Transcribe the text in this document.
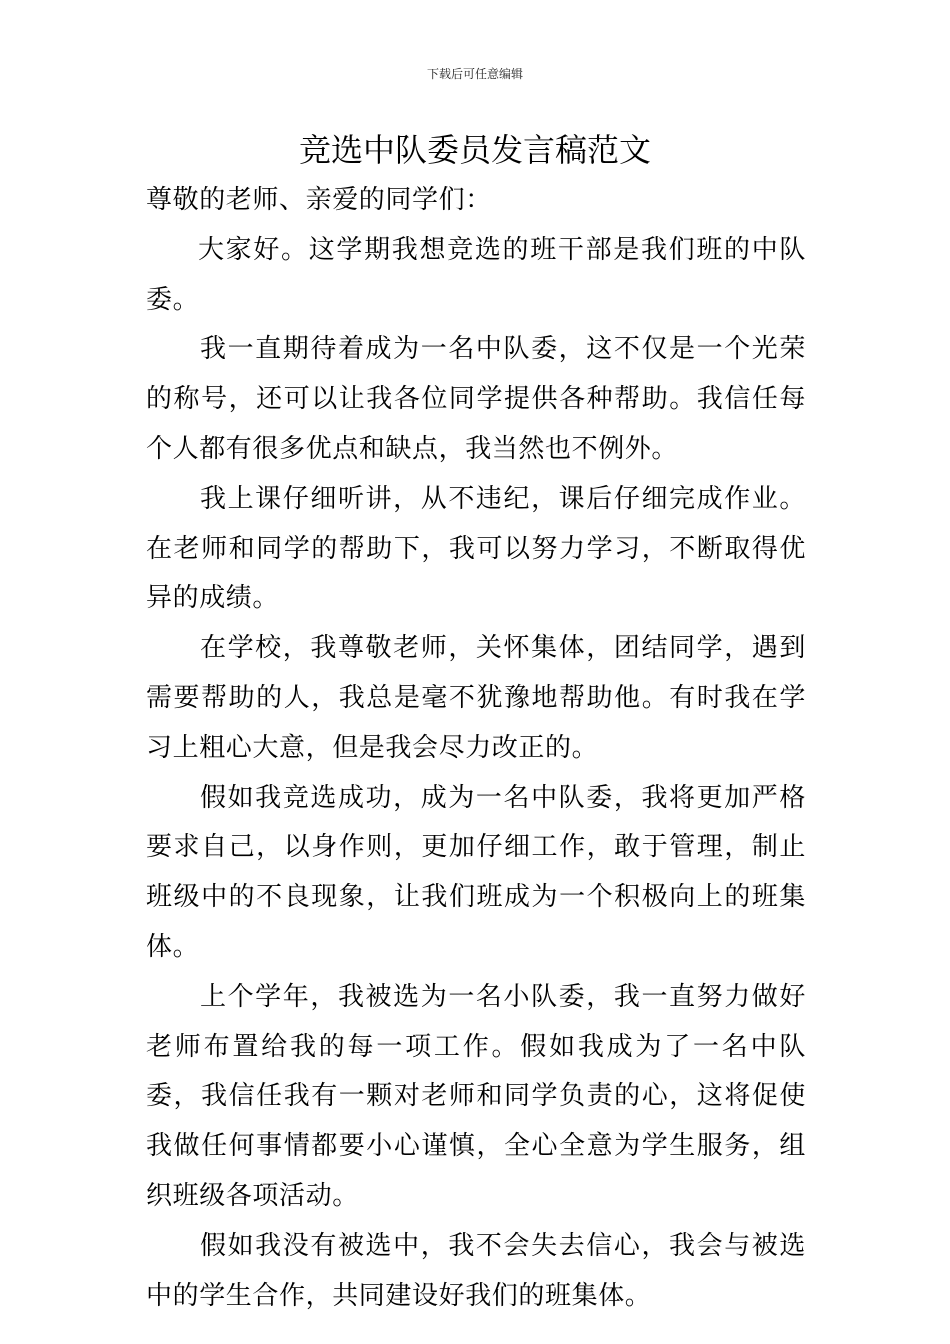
下载后可任意编辑
竞选中队委员发言稿范文

尊敬的老师、亲爱的同学们：

大家好。这学期我想竞选的班干部是我们班的中队委。

我一直期待着成为一名中队委，这不仅是一个光荣的称号，还可以让我各位同学提供各种帮助。我信任每个人都有很多优点和缺点，我当然也不例外。

我上课仔细听讲，从不违纪，课后仔细完成作业。在老师和同学的帮助下，我可以努力学习，不断取得优异的成绩。

在学校，我尊敬老师，关怀集体，团结同学，遇到需要帮助的人，我总是毫不犹豫地帮助他。有时我在学习上粗心大意，但是我会尽力改正的。

假如我竞选成功，成为一名中队委，我将更加严格要求自己，以身作则，更加仔细工作，敢于管理，制止班级中的不良现象，让我们班成为一个积极向上的班集体。

上个学年，我被选为一名小队委，我一直努力做好老师布置给我的每一项工作。假如我成为了一名中队委，我信任我有一颗对老师和同学负责的心，这将促使我做任何事情都要小心谨慎，全心全意为学生服务，组织班级各项活动。

假如我没有被选中，我不会失去信心，我会与被选中的学生合作，共同建设好我们的班集体。
